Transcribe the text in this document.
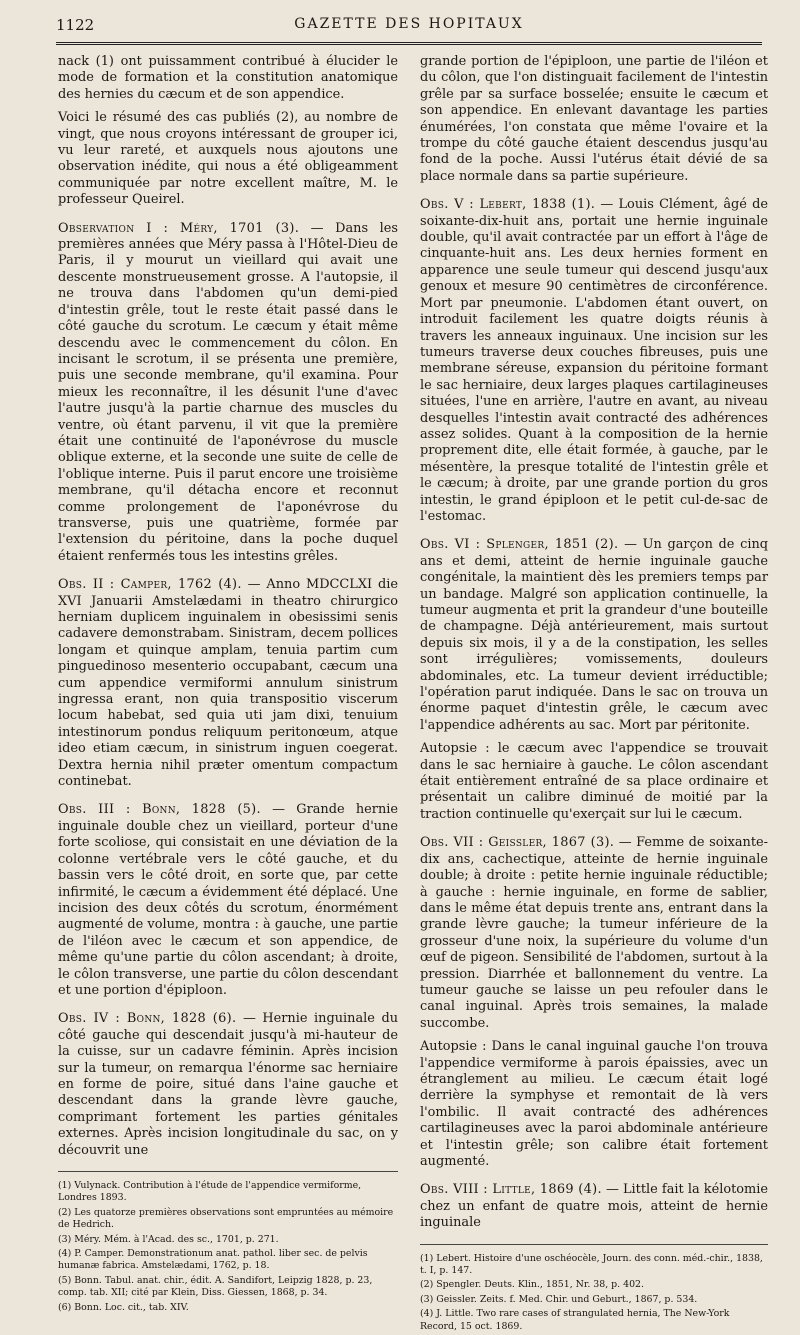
1122	GAZETTE DES HOPITAUX

nack (1) ont puissamment contribué à élucider le mode de formation et la constitution anatomique des hernies du cæcum et de son appendice.

Voici le résumé des cas publiés (2), au nombre de vingt, que nous croyons intéressant de grouper ici, vu leur rareté, et auxquels nous ajoutons une observation inédite, qui nous a été obligeamment communiquée par notre excellent maître, M. le professeur Queirel.

Observation I : Méry, 1701 (3). — Dans les premières années que Méry passa à l'Hôtel-Dieu de Paris, il y mourut un vieillard qui avait une descente monstrueusement grosse. A l'autopsie, il ne trouva dans l'abdomen qu'un demi-pied d'intestin grêle, tout le reste était passé dans le côté gauche du scrotum. Le cæcum y était même descendu avec le commencement du côlon. En incisant le scrotum, il se présenta une première, puis une seconde membrane, qu'il examina. Pour mieux les reconnaître, il les désunit l'une d'avec l'autre jusqu'à la partie charnue des muscles du ventre, où étant parvenu, il vit que la première était une continuité de l'aponévrose du muscle oblique externe, et la seconde une suite de celle de l'oblique interne. Puis il parut encore une troisième membrane, qu'il détacha encore et reconnut comme prolongement de l'aponévrose du transverse, puis une quatrième, formée par l'extension du péritoine, dans la poche duquel étaient renfermés tous les intestins grêles.

Obs. II : Camper, 1762 (4). — Anno MDCCLXI die XVI Januarii Amstelædami in theatro chirurgico herniam duplicem inguinalem in obesissimi senis cadavere demonstrabam. Sinistram, decem pollices longam et quinque amplam, tenuia partim cum pinguedinoso mesenterio occupabant, cæcum una cum appendice vermiformi annulum sinistrum ingressa erant, non quia transpositio viscerum locum habebat, sed quia uti jam dixi, tenuium intestinorum pondus reliquum peritonœum, atque ideo etiam cæcum, in sinistrum inguen coegerat. Dextra hernia nihil præter omentum compactum continebat.

Obs. III : Bonn, 1828 (5). — Grande hernie inguinale double chez un vieillard, porteur d'une forte scoliose, qui consistait en une déviation de la colonne vertébrale vers le côté gauche, et du bassin vers le côté droit, en sorte que, par cette infirmité, le cæcum a évidemment été déplacé. Une incision des deux côtés du scrotum, énormément augmenté de volume, montra : à gauche, une partie de l'iléon avec le cæcum et son appendice, de même qu'une partie du côlon ascendant; à droite, le côlon transverse, une partie du côlon descendant et une portion d'épiploon.

Obs. IV : Bonn, 1828 (6). — Hernie inguinale du côté gauche qui descendait jusqu'à mi-hauteur de la cuisse, sur un cadavre féminin. Après incision sur la tumeur, on remarqua l'énorme sac herniaire en forme de poire, situé dans l'aine gauche et descendant dans la grande lèvre gauche, comprimant fortement les parties génitales externes. Après incision longitudinale du sac, on y découvrit une

(1) Vulynack. Contribution à l'étude de l'appendice vermiforme, Londres 1893.

(2) Les quatorze premières observations sont empruntées au mémoire de Hedrich.

(3) Méry. Mém. à l'Acad. des sc., 1701, p. 271.

(4) P. Camper. Demonstrationum anat. pathol. liber sec. de pelvis humanæ fabrica. Amstelædami, 1762, p. 18.

(5) Bonn. Tabul. anat. chir., édit. A. Sandifort, Leipzig 1828, p. 23, comp. tab. XII; cité par Klein, Diss. Giessen, 1868, p. 34.

(6) Bonn. Loc. cit., tab. XIV.

grande portion de l'épiploon, une partie de l'iléon et du côlon, que l'on distinguait facilement de l'intestin grêle par sa surface bosselée; ensuite le cæcum et son appendice. En enlevant davantage les parties énumérées, l'on constata que même l'ovaire et la trompe du côté gauche étaient descendus jusqu'au fond de la poche. Aussi l'utérus était dévié de sa place normale dans sa partie supérieure.

Obs. V : Lebert, 1838 (1). — Louis Clément, âgé de soixante-dix-huit ans, portait une hernie inguinale double, qu'il avait contractée par un effort à l'âge de cinquante-huit ans. Les deux hernies forment en apparence une seule tumeur qui descend jusqu'aux genoux et mesure 90 centimètres de circonférence. Mort par pneumonie. L'abdomen étant ouvert, on introduit facilement les quatre doigts réunis à travers les anneaux inguinaux. Une incision sur les tumeurs traverse deux couches fibreuses, puis une membrane séreuse, expansion du péritoine formant le sac herniaire, deux larges plaques cartilagineuses situées, l'une en arrière, l'autre en avant, au niveau desquelles l'intestin avait contracté des adhérences assez solides. Quant à la composition de la hernie proprement dite, elle était formée, à gauche, par le mésentère, la presque totalité de l'intestin grêle et le cæcum; à droite, par une grande portion du gros intestin, le grand épiploon et le petit cul-de-sac de l'estomac.

Obs. VI : Splenger, 1851 (2). — Un garçon de cinq ans et demi, atteint de hernie inguinale gauche congénitale, la maintient dès les premiers temps par un bandage. Malgré son application continuelle, la tumeur augmenta et prit la grandeur d'une bouteille de champagne. Déjà antérieurement, mais surtout depuis six mois, il y a de la constipation, les selles sont irrégulières; vomissements, douleurs abdominales, etc. La tumeur devient irréductible; l'opération parut indiquée. Dans le sac on trouva un énorme paquet d'intestin grêle, le cæcum avec l'appendice adhérents au sac. Mort par péritonite.

Autopsie : le cæcum avec l'appendice se trouvait dans le sac herniaire à gauche. Le côlon ascendant était entièrement entraîné de sa place ordinaire et présentait un calibre diminué de moitié par la traction continuelle qu'exerçait sur lui le cæcum.

Obs. VII : Geissler, 1867 (3). — Femme de soixante-dix ans, cachectique, atteinte de hernie inguinale double; à droite : petite hernie inguinale réductible; à gauche : hernie inguinale, en forme de sablier, dans le même état depuis trente ans, entrant dans la grande lèvre gauche; la tumeur inférieure de la grosseur d'une noix, la supérieure du volume d'un œuf de pigeon. Sensibilité de l'abdomen, surtout à la pression. Diarrhée et ballonnement du ventre. La tumeur gauche se laisse un peu refouler dans le canal inguinal. Après trois semaines, la malade succombe.

Autopsie : Dans le canal inguinal gauche l'on trouva l'appendice vermiforme à parois épaissies, avec un étranglement au milieu. Le cæcum était logé derrière la symphyse et remontait de là vers l'ombilic. Il avait contracté des adhérences cartilagineuses avec la paroi abdominale antérieure et l'intestin grêle; son calibre était fortement augmenté.

Obs. VIII : Little, 1869 (4). — Little fait la kélotomie chez un enfant de quatre mois, atteint de hernie inguinale

(1) Lebert. Histoire d'une oschéocèle, Journ. des conn. méd.-chir., 1838, t. I, p. 147.

(2) Spengler. Deuts. Klin., 1851, Nr. 38, p. 402.

(3) Geissler. Zeits. f. Med. Chir. und Geburt., 1867, p. 534.

(4) J. Little. Two rare cases of strangulated hernia, The New-York Record, 15 oct. 1869.
